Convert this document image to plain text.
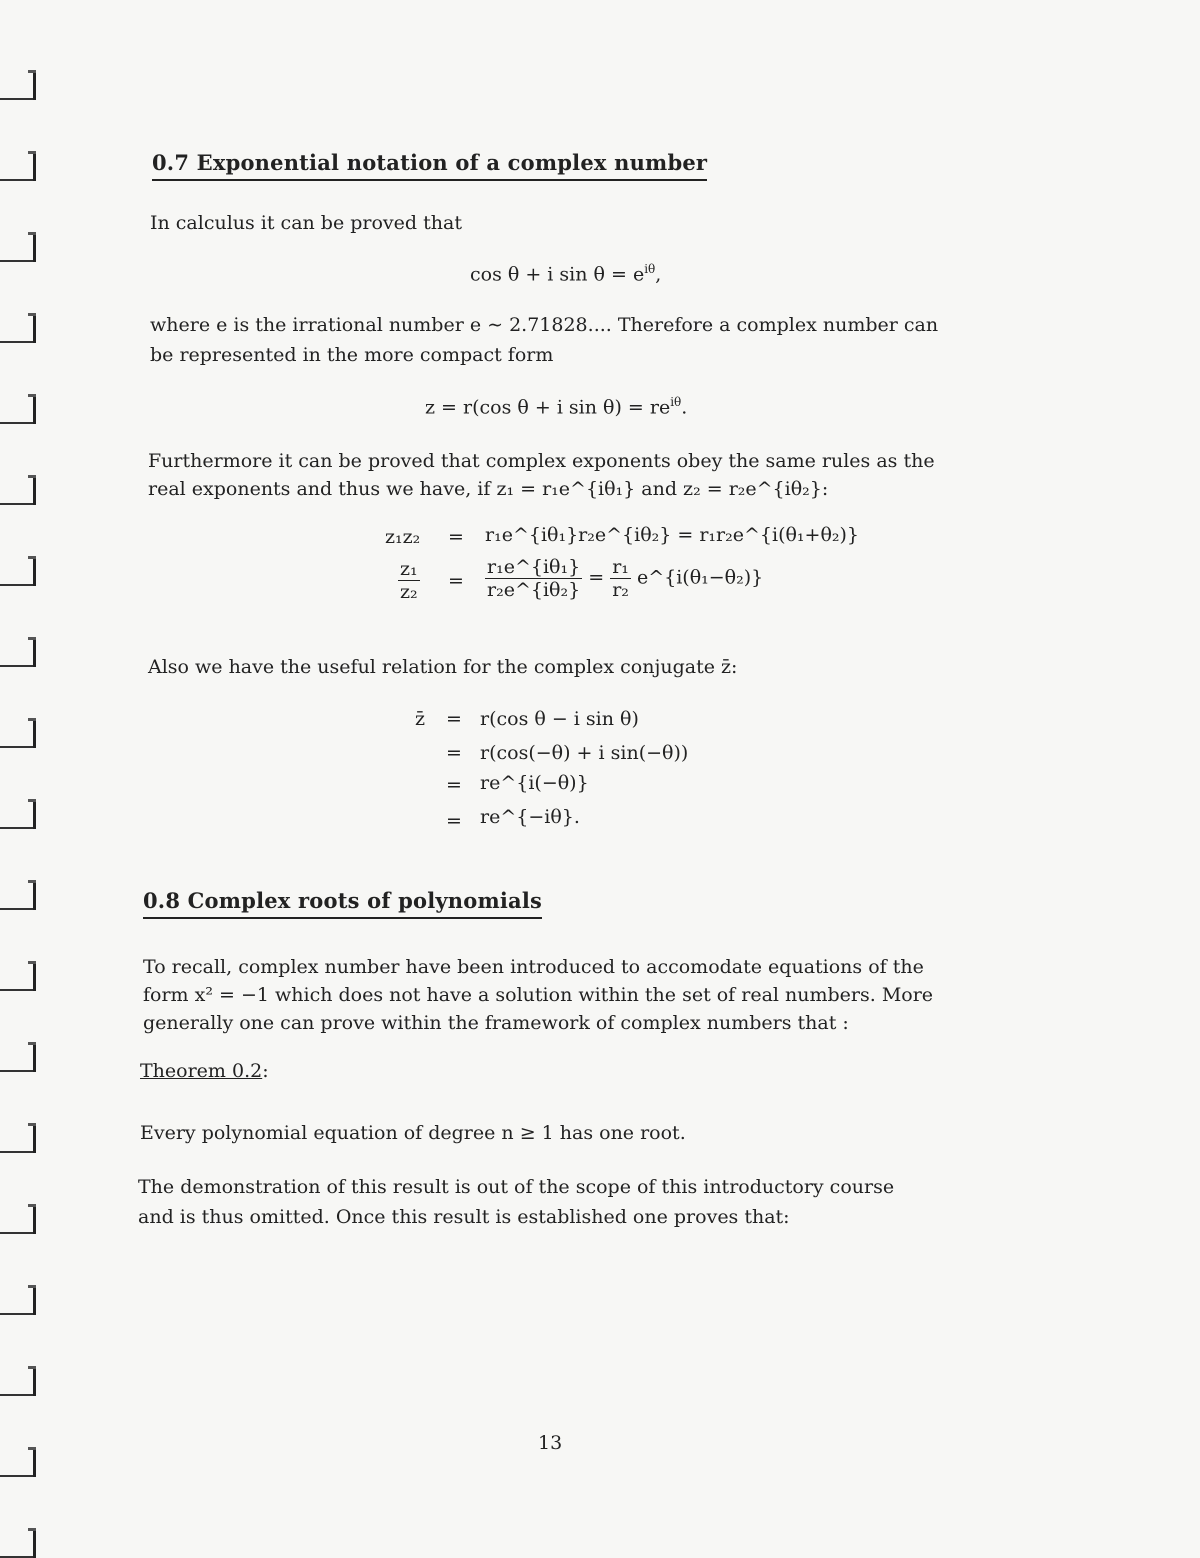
0.7 Exponential notation of a complex number
In calculus it can be proved that
cos θ + i $\sin \theta = e^{i\theta}$,
where e is the irrational number e ∼ 2.71828.... Therefore a complex number can
be represented in the more compact form
z = r(cos θ + i $\sin \theta) = re^{i\theta}$.
Furthermore it can be proved that complex exponents obey the same rules as the
real exponents and thus we have, if z₁ = r₁e^{iθ₁} and z₂ = r₂e^{iθ₂}:
z₁z₂ = r₁e^{iθ₁}r₂e^{iθ₂} = r₁r₂e^{i(θ₁+θ₂)}
$\frac{\text{z₁}}{\text{z₂}} = \frac{\text{r₁e\textasciicircum{}\{iθ₁\}}}{\text{r₂e\textasciicircum{}\{iθ₂\}}} = \frac{\text{r₁}}{\text{r₂}}$ e^{i(θ₁−θ₂)}
Also we have the useful relation for the complex conjugate z̄:
z̄ = r(cos θ − i sin θ)
= r(cos(−θ) + i sin(−θ))
= re^{i(−θ)}
= re^{−iθ}.
0.8 Complex roots of polynomials
To recall, complex number have been introduced to accomodate equations of the
form x² = −1 which does not have a solution within the set of real numbers. More
generally one can prove within the framework of complex numbers that :
Theorem 0.2:
Every polynomial equation of degree n ≥ 1 has one root.
The demonstration of this result is out of the scope of this introductory course
and is thus omitted. Once this result is established one proves that:
13
